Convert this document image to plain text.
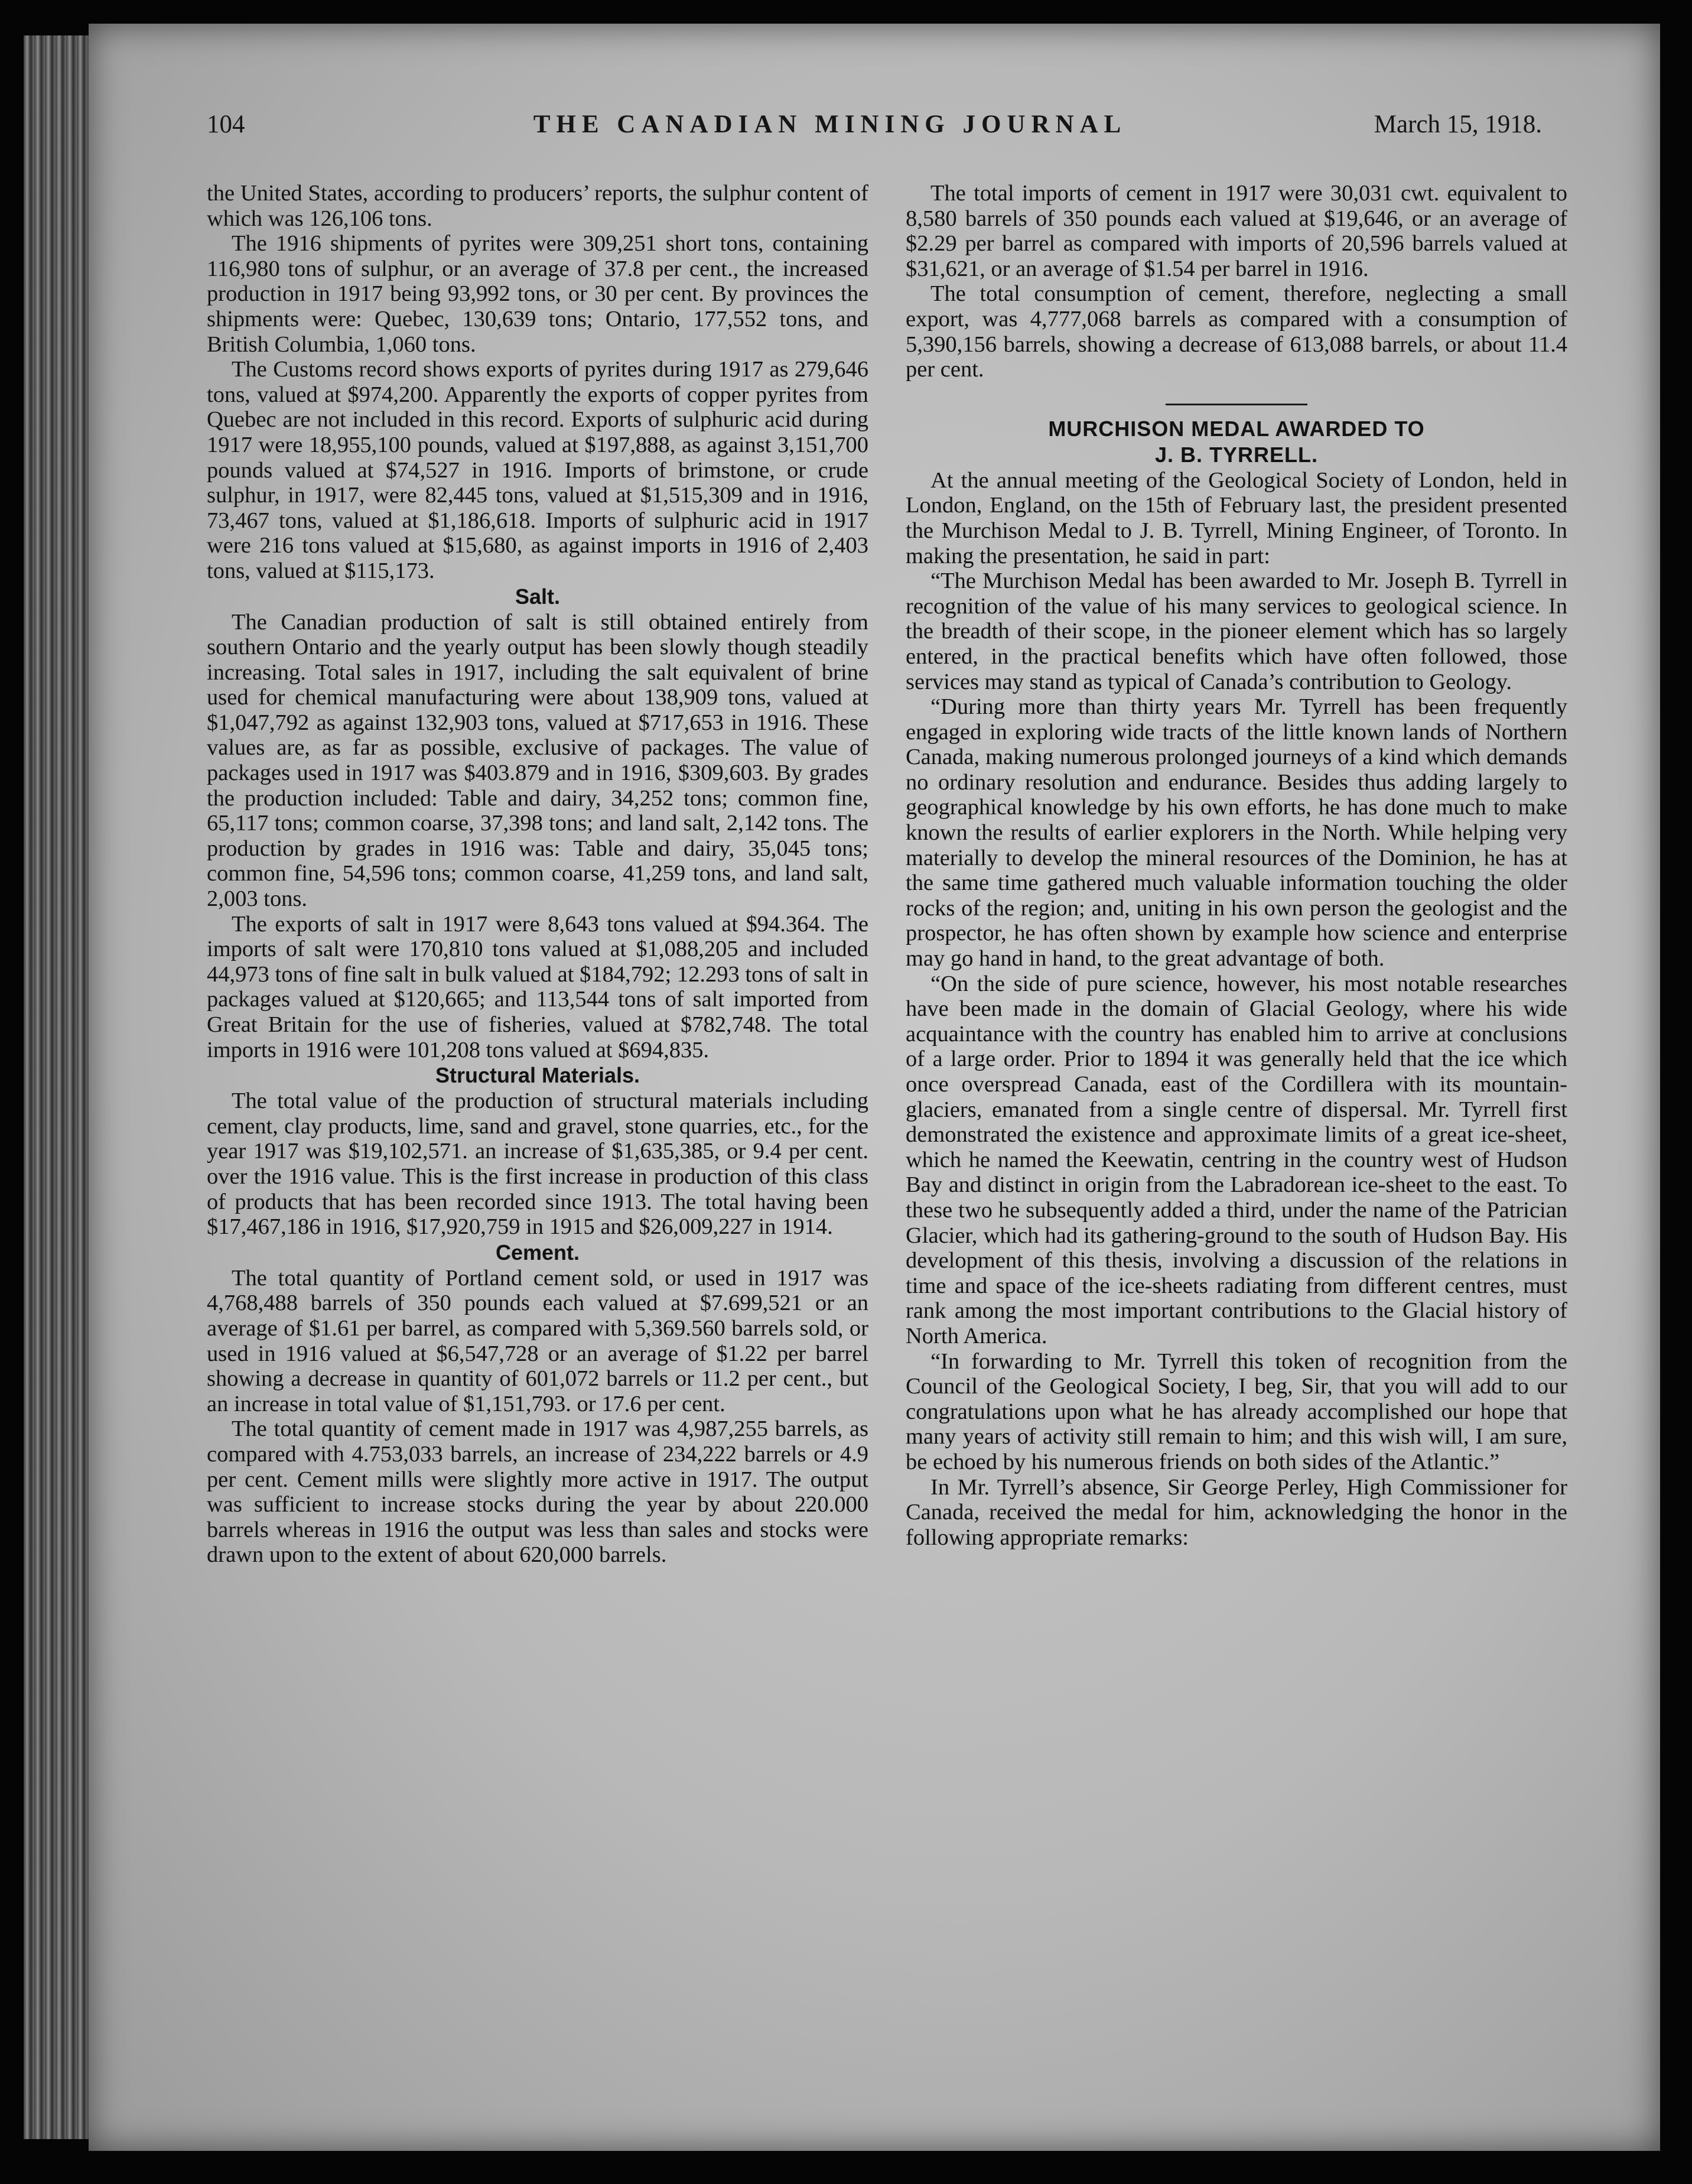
104	THE CANADIAN MINING JOURNAL	March 15, 1918.

the United States, according to producers’ reports, the sulphur content of which was 126,106 tons.

The 1916 shipments of pyrites were 309,251 short tons, containing 116,980 tons of sulphur, or an average of 37.8 per cent., the increased production in 1917 being 93,992 tons, or 30 per cent. By provinces the shipments were: Quebec, 130,639 tons; Ontario, 177,552 tons, and British Columbia, 1,060 tons.

The Customs record shows exports of pyrites during 1917 as 279,646 tons, valued at $974,200. Apparently the exports of copper pyrites from Quebec are not included in this record. Exports of sulphuric acid during 1917 were 18,955,100 pounds, valued at $197,888, as against 3,151,700 pounds valued at $74,527 in 1916. Imports of brimstone, or crude sulphur, in 1917, were 82,445 tons, valued at $1,515,309 and in 1916, 73,467 tons, valued at $1,186,618. Imports of sulphuric acid in 1917 were 216 tons valued at $15,680, as against imports in 1916 of 2,403 tons, valued at $115,173.

Salt.

The Canadian production of salt is still obtained entirely from southern Ontario and the yearly output has been slowly though steadily increasing. Total sales in 1917, including the salt equivalent of brine used for chemical manufacturing were about 138,909 tons, valued at $1,047,792 as against 132,903 tons, valued at $717,653 in 1916. These values are, as far as possible, exclusive of packages. The value of packages used in 1917 was $403.879 and in 1916, $309,603. By grades the production included: Table and dairy, 34,252 tons; common fine, 65,117 tons; common coarse, 37,398 tons; and land salt, 2,142 tons. The production by grades in 1916 was: Table and dairy, 35,045 tons; common fine, 54,596 tons; common coarse, 41,259 tons, and land salt, 2,003 tons.

The exports of salt in 1917 were 8,643 tons valued at $94.364. The imports of salt were 170,810 tons valued at $1,088,205 and included 44,973 tons of fine salt in bulk valued at $184,792; 12.293 tons of salt in packages valued at $120,665; and 113,544 tons of salt imported from Great Britain for the use of fisheries, valued at $782,748. The total imports in 1916 were 101,208 tons valued at $694,835.

Structural Materials.

The total value of the production of structural materials including cement, clay products, lime, sand and gravel, stone quarries, etc., for the year 1917 was $19,102,571. an increase of $1,635,385, or 9.4 per cent. over the 1916 value. This is the first increase in production of this class of products that has been recorded since 1913. The total having been $17,467,186 in 1916, $17,920,759 in 1915 and $26,009,227 in 1914.

Cement.

The total quantity of Portland cement sold, or used in 1917 was 4,768,488 barrels of 350 pounds each valued at $7.699,521 or an average of $1.61 per barrel, as compared with 5,369.560 barrels sold, or used in 1916 valued at $6,547,728 or an average of $1.22 per barrel showing a decrease in quantity of 601,072 barrels or 11.2 per cent., but an increase in total value of $1,151,793. or 17.6 per cent.

The total quantity of cement made in 1917 was 4,987,255 barrels, as compared with 4.753,033 barrels, an increase of 234,222 barrels or 4.9 per cent. Cement mills were slightly more active in 1917. The output was sufficient to increase stocks during the year by about 220.000 barrels whereas in 1916 the output was less than sales and stocks were drawn upon to the extent of about 620,000 barrels.

The total imports of cement in 1917 were 30,031 cwt. equivalent to 8,580 barrels of 350 pounds each valued at $19,646, or an average of $2.29 per barrel as compared with imports of 20,596 barrels valued at $31,621, or an average of $1.54 per barrel in 1916.

The total consumption of cement, therefore, neglecting a small export, was 4,777,068 barrels as compared with a consumption of 5,390,156 barrels, showing a decrease of 613,088 barrels, or about 11.4 per cent.

MURCHISON MEDAL AWARDED TO
J. B. TYRRELL.

At the annual meeting of the Geological Society of London, held in London, England, on the 15th of February last, the president presented the Murchison Medal to J. B. Tyrrell, Mining Engineer, of Toronto. In making the presentation, he said in part:

“The Murchison Medal has been awarded to Mr. Joseph B. Tyrrell in recognition of the value of his many services to geological science. In the breadth of their scope, in the pioneer element which has so largely entered, in the practical benefits which have often followed, those services may stand as typical of Canada’s contribution to Geology.

“During more than thirty years Mr. Tyrrell has been frequently engaged in exploring wide tracts of the little known lands of Northern Canada, making numerous prolonged journeys of a kind which demands no ordinary resolution and endurance. Besides thus adding largely to geographical knowledge by his own efforts, he has done much to make known the results of earlier explorers in the North. While helping very materially to develop the mineral resources of the Dominion, he has at the same time gathered much valuable information touching the older rocks of the region; and, uniting in his own person the geologist and the prospector, he has often shown by example how science and enterprise may go hand in hand, to the great advantage of both.

“On the side of pure science, however, his most notable researches have been made in the domain of Glacial Geology, where his wide acquaintance with the country has enabled him to arrive at conclusions of a large order. Prior to 1894 it was generally held that the ice which once overspread Canada, east of the Cordillera with its mountain-glaciers, emanated from a single centre of dispersal. Mr. Tyrrell first demonstrated the existence and approximate limits of a great ice-sheet, which he named the Keewatin, centring in the country west of Hudson Bay and distinct in origin from the Labradorean ice-sheet to the east. To these two he subsequently added a third, under the name of the Patrician Glacier, which had its gathering-ground to the south of Hudson Bay. His development of this thesis, involving a discussion of the relations in time and space of the ice-sheets radiating from different centres, must rank among the most important contributions to the Glacial history of North America.

“In forwarding to Mr. Tyrrell this token of recognition from the Council of the Geological Society, I beg, Sir, that you will add to our congratulations upon what he has already accomplished our hope that many years of activity still remain to him; and this wish will, I am sure, be echoed by his numerous friends on both sides of the Atlantic.”

In Mr. Tyrrell’s absence, Sir George Perley, High Commissioner for Canada, received the medal for him, acknowledging the honor in the following appropriate remarks:
